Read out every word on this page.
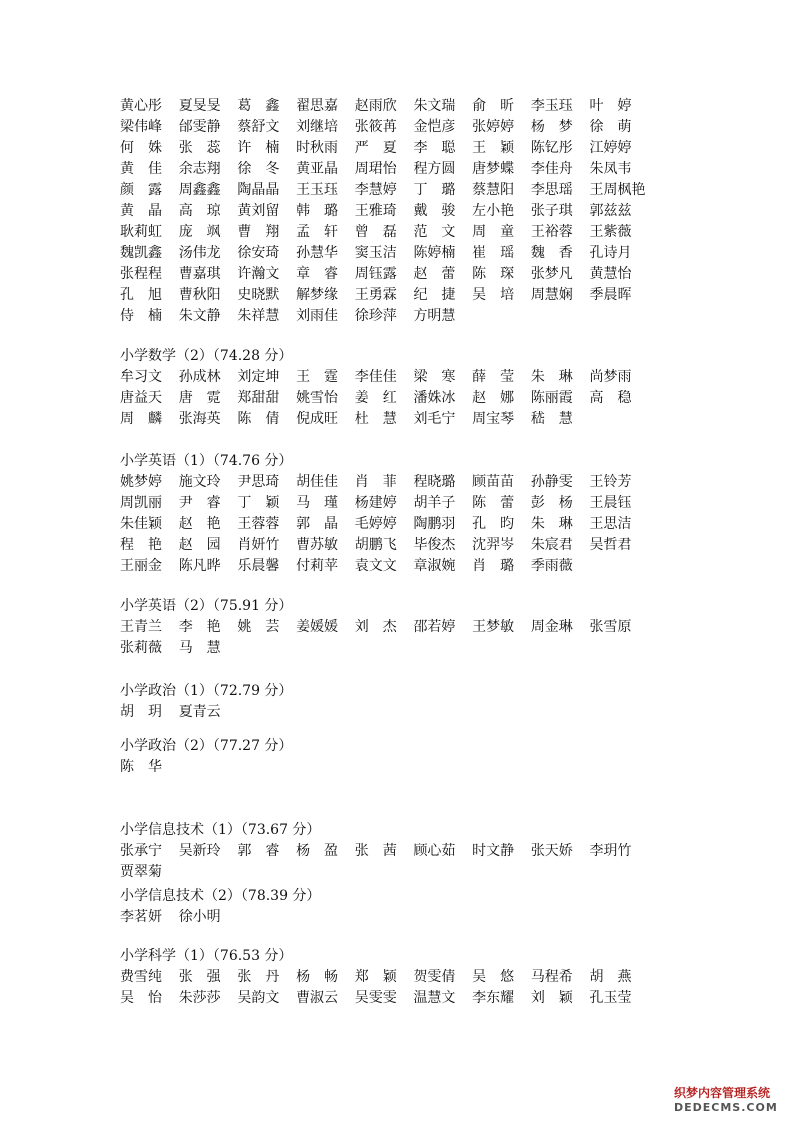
黄心彤	夏旻旻	葛　鑫	翟思嘉	赵雨欣	朱文瑞	俞　昕	李玉珏	叶　婷
梁伟峰	邰雯静	蔡舒文	刘继培	张筱苒	金恺彦	张婷婷	杨　梦	徐　萌
何　姝	张　蕊	许　楠	时秋雨	严　夏	李　聪	王　颖	陈钇彤	江婷婷
黄　佳	余志翔	徐　冬	黄亚晶	周珺怡	程方圆	唐梦蝶	李佳舟	朱凤韦
颜　露	周鑫鑫	陶晶晶	王玉珏	李慧婷	丁　璐	蔡慧阳	李思瑶	王周枫艳
黄　晶	高　琼	黄刘留	韩　璐	王雅琦	戴　骏	左小艳	张子琪	郭兹兹
耿莉虹	庞　飒	曹　翔	孟　轩	曾　磊	范　文	周　童	王裕蓉	王紫薇
魏凯鑫	汤伟龙	徐安琦	孙慧华	窦玉洁	陈婷楠	崔　瑶	魏　香	孔诗月
张程程	曹嘉琪	许瀚文	章　睿	周钰露	赵　蕾	陈　琛	张梦凡	黄慧怡
孔　旭	曹秋阳	史晓默	解梦缘	王勇霖	纪　捷	吴　培	周慧娴	季晨晖
侍　楠	朱文静	朱祥慧	刘雨佳	徐珍萍	方明慧
小学数学（2）（74.28 分）
牟习文	孙成林	刘定坤	王　霆	李佳佳	梁　寒	薛　莹	朱　琳	尚梦雨
唐益天	唐　霓	郑甜甜	姚雪怡	姜　红	潘姝冰	赵　娜	陈丽霞	高　稳
周　麟	张海英	陈　倩	倪成旺	杜　慧	刘毛宁	周宝琴	嵇　慧
小学英语（1）（74.76 分）
姚梦婷	施文玲	尹思琦	胡佳佳	肖　菲	程晓璐	顾苗苗	孙静雯	王铃芳
周凯丽	尹　睿	丁　颖	马　瑾	杨建婷	胡羊子	陈　蕾	彭　杨	王晨钰
朱佳颖	赵　艳	王蓉蓉	郭　晶	毛婷婷	陶鹏羽	孔　昀	朱　琳	王思洁
程　艳	赵　园	肖妍竹	曹苏敏	胡鹏飞	毕俊杰	沈羿岑	朱宸君	吴哲君
王丽金	陈凡晔	乐晨馨	付莉苹	袁文文	章淑婉	肖　璐	季雨薇
小学英语（2）（75.91 分）
王青兰	李　艳	姚　芸	姜媛媛	刘　杰	邵若婷	王梦敏	周金琳	张雪原
张莉薇	马　慧
小学政治（1）（72.79 分）
胡　玥	夏青云
小学政治（2）（77.27 分）
陈　华
小学信息技术（1）（73.67 分）
张承宁	吴新玲	郭　睿	杨　盈	张　茜	顾心茹	时文静	张天娇	李玥竹
贾翠菊
小学信息技术（2）（78.39 分）
李茗妍	徐小明
小学科学（1）（76.53 分）
费雪纯	张　强	张　丹	杨　畅	郑　颖	贺雯倩	吴　悠	马程希	胡　燕
吴　怡	朱莎莎	吴韵文	曹淑云	吴雯雯	温慧文	李东耀	刘　颖	孔玉莹
织梦内容管理系统
DEDECMS.COM
